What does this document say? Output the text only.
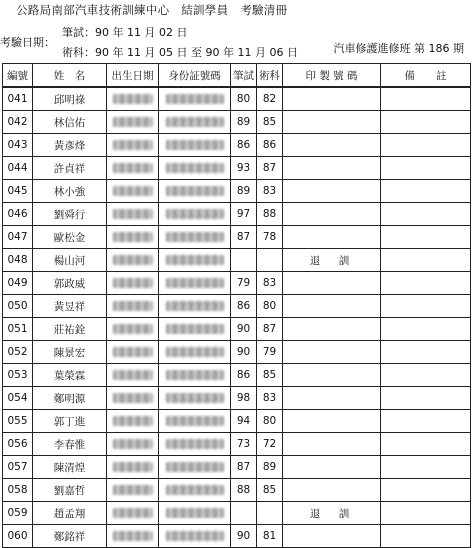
公路局南部汽車技術訓練中心　結訓學員　考驗清冊
考驗日期：
筆試：90 年 11 月 02 日
術科：90 年 11 月 05 日 至 90 年 11 月 06 日	汽車修護進修班 第 186 期
編號	姓　名	出生日期	身份証號碼	筆試	術科	印 製 號 碼	備　　註
041	邱明祿			80	82		
042	林信佑			89	85		
043	黃彥烽			86	86		
044	許貞祥			93	87		
045	林小強			89	83		
046	劉舜行			97	88		
047	歐松金			87	78		
048	楊山河					退　訓	
049	郭政威			79	83		
050	黃昱祥			86	80		
051	莊祐銓			90	87		
052	陳景宏			90	79		
053	葉榮霖			86	85		
054	鄭明源			98	83		
055	郭丁進			94	80		
056	李春惟			73	72		
057	陳清煌			87	89		
058	劉嘉哲			88	85		
059	趙孟翔					退　訓	
060	鄭銘祥			90	81		
